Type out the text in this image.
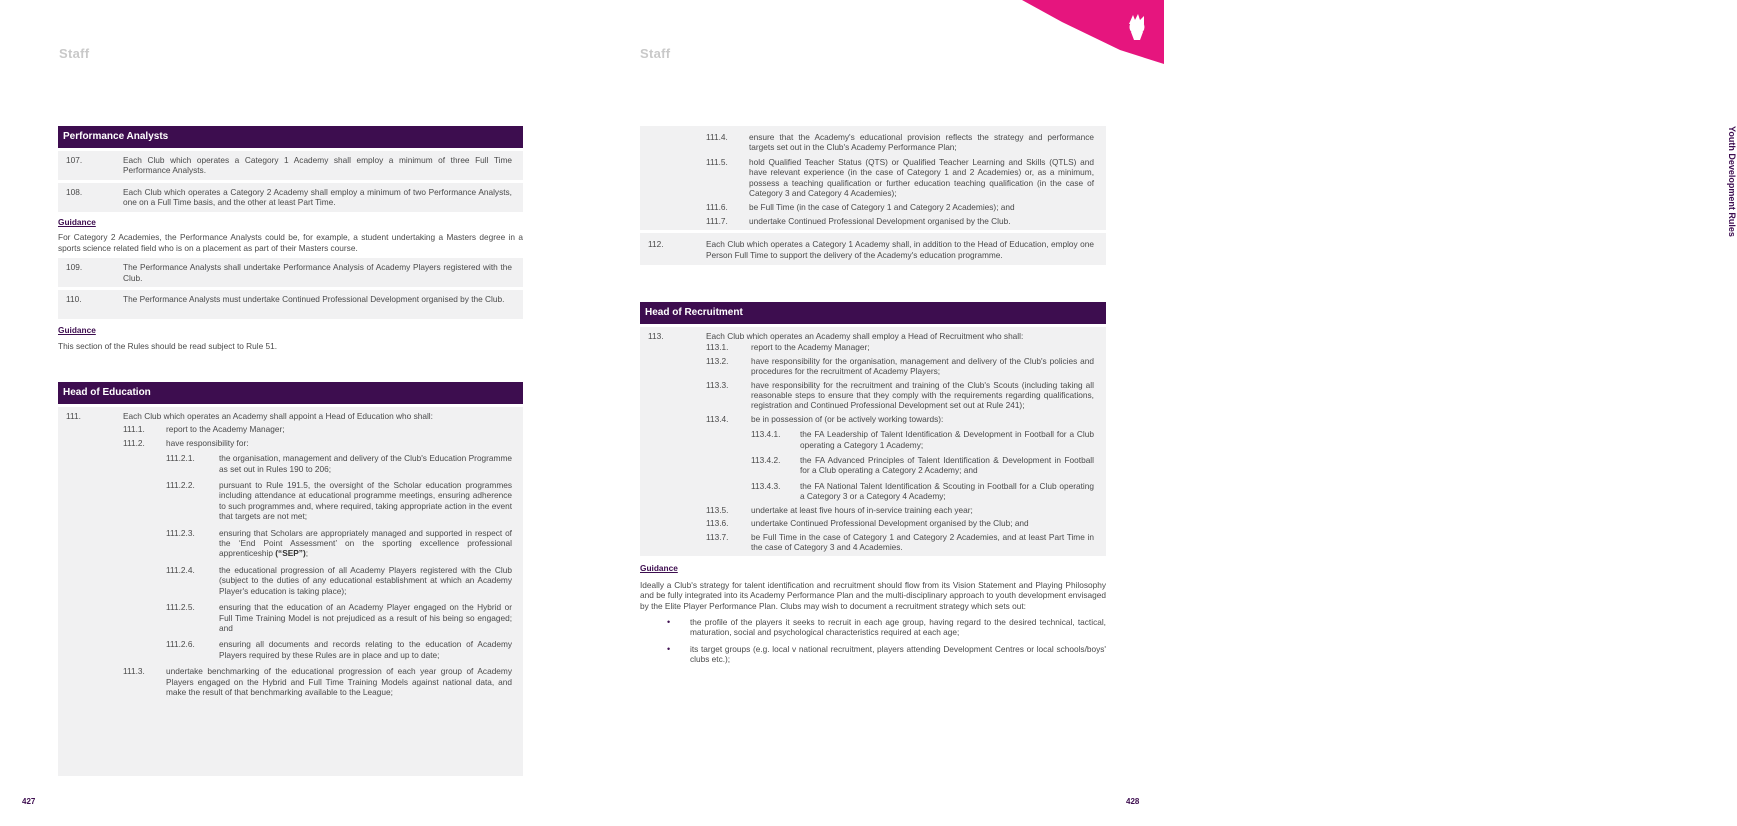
Staff
Performance Analysts
107.	Each Club which operates a Category 1 Academy shall employ a minimum of three Full Time Performance Analysts.
108.	Each Club which operates a Category 2 Academy shall employ a minimum of two Performance Analysts, one on a Full Time basis, and the other at least Part Time.
Guidance
For Category 2 Academies, the Performance Analysts could be, for example, a student undertaking a Masters degree in a sports science related field who is on a placement as part of their Masters course.
109.	The Performance Analysts shall undertake Performance Analysis of Academy Players registered with the Club.
110.	The Performance Analysts must undertake Continued Professional Development organised by the Club.
Guidance
This section of the Rules should be read subject to Rule 51.
Head of Education
111.	Each Club which operates an Academy shall appoint a Head of Education who shall:
111.1.	report to the Academy Manager;
111.2.	have responsibility for:
111.2.1.	the organisation, management and delivery of the Club's Education Programme as set out in Rules 190 to 206;
111.2.2.	pursuant to Rule 191.5, the oversight of the Scholar education programmes including attendance at educational programme meetings, ensuring adherence to such programmes and, where required, taking appropriate action in the event that targets are not met;
111.2.3.	ensuring that Scholars are appropriately managed and supported in respect of the ‘End Point Assessment’ on the sporting excellence professional apprenticeship (“SEP”);
111.2.4.	the educational progression of all Academy Players registered with the Club (subject to the duties of any educational establishment at which an Academy Player's education is taking place);
111.2.5.	ensuring that the education of an Academy Player engaged on the Hybrid or Full Time Training Model is not prejudiced as a result of his being so engaged; and
111.2.6.	ensuring all documents and records relating to the education of Academy Players required by these Rules are in place and up to date;
111.3.	undertake benchmarking of the educational progression of each year group of Academy Players engaged on the Hybrid and Full Time Training Models against national data, and make the result of that benchmarking available to the League;
427
Staff
111.4.	ensure that the Academy's educational provision reflects the strategy and performance targets set out in the Club's Academy Performance Plan;
111.5.	hold Qualified Teacher Status (QTS) or Qualified Teacher Learning and Skills (QTLS) and have relevant experience (in the case of Category 1 and 2 Academies) or, as a minimum, possess a teaching qualification or further education teaching qualification (in the case of Category 3 and Category 4 Academies);
111.6.	be Full Time (in the case of Category 1 and Category 2 Academies); and
111.7.	undertake Continued Professional Development organised by the Club.
112.	Each Club which operates a Category 1 Academy shall, in addition to the Head of Education, employ one Person Full Time to support the delivery of the Academy's education programme.
Head of Recruitment
113.	Each Club which operates an Academy shall employ a Head of Recruitment who shall:
113.1.	report to the Academy Manager;
113.2.	have responsibility for the organisation, management and delivery of the Club's policies and procedures for the recruitment of Academy Players;
113.3.	have responsibility for the recruitment and training of the Club's Scouts (including taking all reasonable steps to ensure that they comply with the requirements regarding qualifications, registration and Continued Professional Development set out at Rule 241);
113.4.	be in possession of (or be actively working towards):
113.4.1. the FA Leadership of Talent Identification & Development in Football for a Club operating a Category 1 Academy;
113.4.2. the FA Advanced Principles of Talent Identification & Development in Football for a Club operating a Category 2 Academy; and
113.4.3. the FA National Talent Identification & Scouting in Football for a Club operating a Category 3 or a Category 4 Academy;
113.5.	undertake at least five hours of in-service training each year;
113.6.	undertake Continued Professional Development organised by the Club; and
113.7.	be Full Time in the case of Category 1 and Category 2 Academies, and at least Part Time in the case of Category 3 and 4 Academies.
Guidance
Ideally a Club's strategy for talent identification and recruitment should flow from its Vision Statement and Playing Philosophy and be fully integrated into its Academy Performance Plan and the multi-disciplinary approach to youth development envisaged by the Elite Player Performance Plan. Clubs may wish to document a recruitment strategy which sets out:
• the profile of the players it seeks to recruit in each age group, having regard to the desired technical, tactical, maturation, social and psychological characteristics required at each age;
• its target groups (e.g. local v national recruitment, players attending Development Centres or local schools/boys' clubs etc.);
Youth Development Rules
428
